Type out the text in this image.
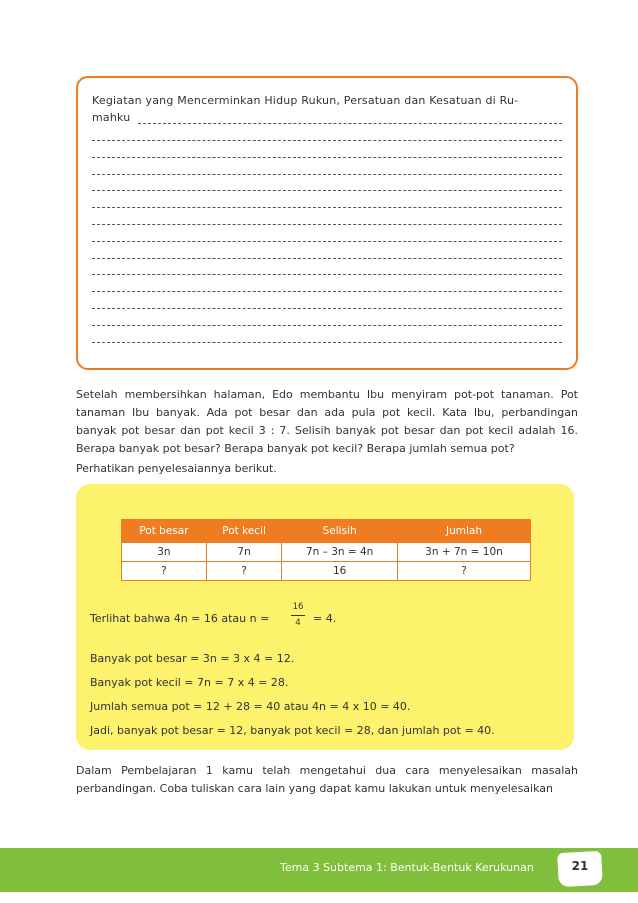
Kegiatan yang Mencerminkan Hidup Rukun, Persatuan dan Kesatuan di Ru-
mahku

Setelah membersihkan halaman, Edo membantu Ibu menyiram pot-pot tanaman. Pot tanaman Ibu banyak. Ada pot besar dan ada pula pot kecil. Kata Ibu, perbandingan banyak pot besar dan pot kecil 3 : 7. Selisih banyak pot besar dan pot kecil adalah 16. Berapa banyak pot besar? Berapa banyak pot kecil? Berapa jumlah semua pot?

Perhatikan penyelesaiannya berikut.

Pot besar	Pot kecil	Selisih	Jumlah
3n	7n	7n – 3n = 4n	3n + 7n = 10n
?	?	16	?
Terlihat bahwa 4n = 16 atau n =
16
4	= 4.
Banyak pot besar = 3n = 3 x 4 = 12.
Banyak pot kecil = 7n = 7 x 4 = 28.
Jumlah semua pot = 12 + 28 = 40 atau 4n = 4 x 10 = 40.
Jadi, banyak pot besar = 12, banyak pot kecil = 28, dan jumlah pot = 40.

Dalam Pembelajaran 1 kamu telah mengetahui dua cara menyelesaikan masalah perbandingan. Coba tuliskan cara lain yang dapat kamu lakukan untuk menyelesaikan

Tema 3 Subtema 1: Bentuk-Bentuk Kerukunan	21
